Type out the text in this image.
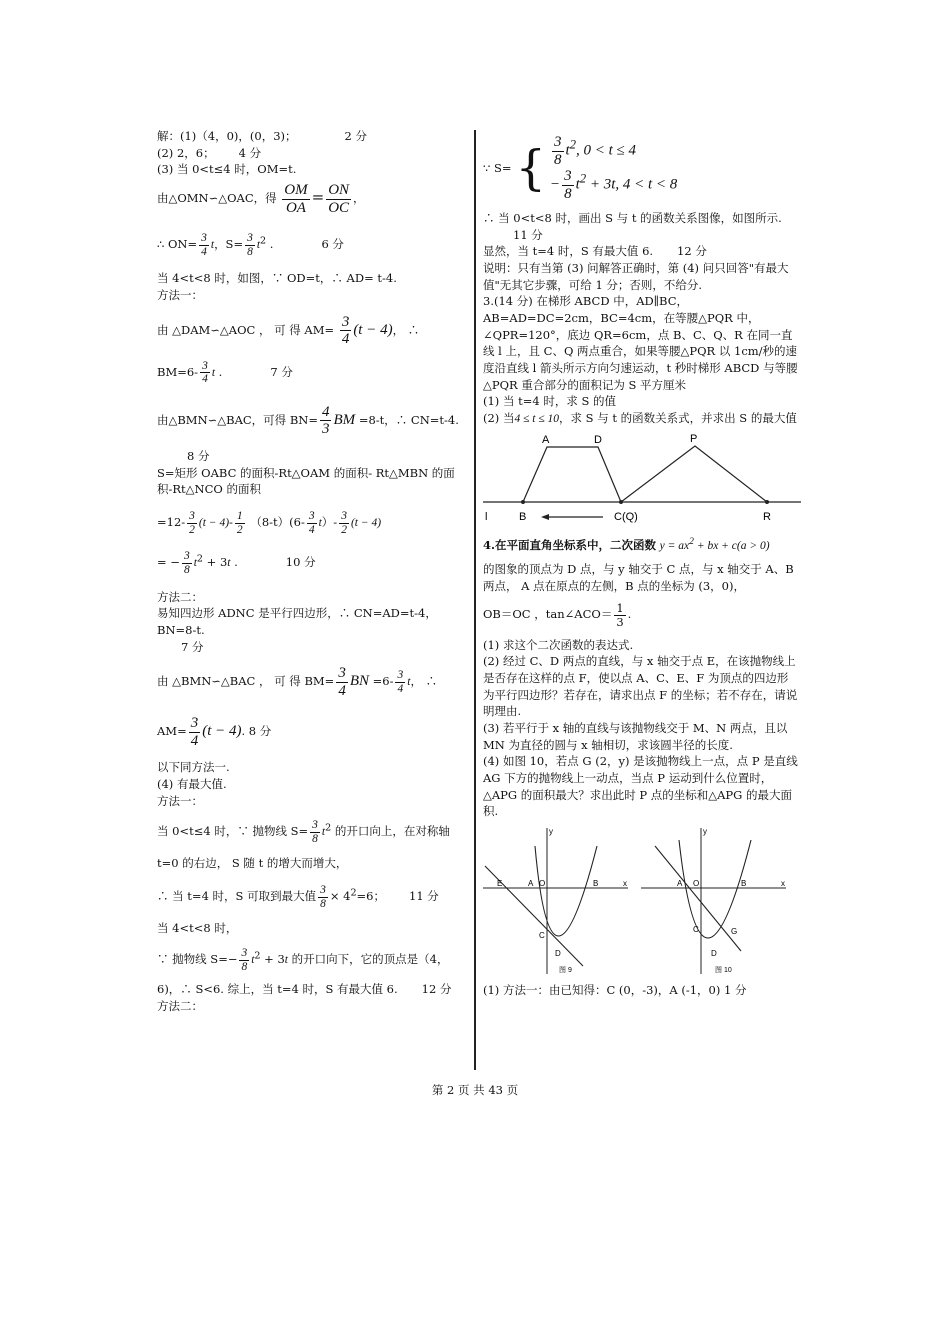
解：(1)（4，0)，(0，3)；	2 分
(2) 2，6； 4 分
(3) 当 0<t≤4 时，OM=t.
由△OMN∽△OAC，得 $\frac{OM}{OA} = \frac{ON}{OC}$ ，
∴ $ON= \frac{3}{4}$ t，$S= \frac{3}{8} t^2$ .	6 分
当 4<t<8 时，如图，∵ OD=t，∴ AD= t-4.
方法一：
由 △DAM∽△AOC ， 可 得 $AM= \frac{3}{4} (t - 4)$， ∴
$BM=6- \frac{3}{4}$ t .	7 分
由△BMN∽△BAC，可得 $BN= \frac{4}{3}$ BM =8-t，∴ CN=t-4.
8 分
S=矩形 OABC 的面积-Rt△OAM 的面积- Rt△MBN 的面积-Rt△NCO 的面积
$=12- \frac{3}{2} (t - 4)- \frac{1}{2} (8-t)(6- \frac{3}{4} t)- \frac{3}{2} (t - 4)$
= − $\frac{3}{8} t^2 + 3t$ .	10 分
方法二：
易知四边形 ADNC 是平行四边形，∴ CN=AD=t-4，BN=8-t.
7 分
由 △BMN∽△BAC ， 可 得 $BM= \frac{3}{4}$ BN $=6- \frac{3}{4}$ t， ∴
$AM= \frac{3}{4} (t - 4)$. 8 分
以下同方法一.
(4) 有最大值.
方法一：
当 0<t≤4 时，∵ 抛物线 $S= \frac{3}{8} t^2$ 的开口向上，在对称轴
t=0 的右边， S 随 t 的增大而增大，
∴ 当 t=4 时，S 可取到最大值 $\frac{3}{8} \times 4^2=6$； 11 分
当 4<t<8 时，
∵ 抛物线 $S=- \frac{3}{8} t^2 + 3t$ 的开口向下，它的顶点是（4，
6)，∴ S<6. 综上，当 t=4 时，S 有最大值 6. 12 分
方法二：
∵ S= { $\frac{3}{8} t^2$, 0 < t ≤ 4
− $\frac{3}{8} t^2 + 3t$, 4 < t < 8
∴ 当 0<t<8 时，画出 S 与 t 的函数关系图像，如图所示.
11 分
显然，当 t=4 时，S 有最大值 6. 12 分
说明：只有当第 (3) 问解答正确时，第 (4) 问只回答"有最大值"无其它步骤，可给 1 分；否则，不给分.
3.(14 分) 在梯形 ABCD 中，AD∥BC，AB=AD=DC=2cm，BC=4cm，在等腰△PQR 中，∠QPR=120°，底边 QR=6cm，点 B、C、Q、R 在同一直线 l 上，且 C、Q 两点重合，如果等腰△PQR 以 1cm/秒的速度沿直线 l 箭头所示方向匀速运动，t 秒时梯形 ABCD 与等腰△PQR 重合部分的面积记为 S 平方厘米
(1) 当 t=4 时，求 S 的值
(2) 当4 ≤ t ≤ 10，求 S 与 t 的函数关系式，并求出 S 的最大值
A	D	P
B	C(Q)	R
l
4.在平面直角坐标系中，二次函数 $y = ax^2$ + bx + c(a > 0)
的图象的顶点为 D 点，与 y 轴交于 C 点，与 x 轴交于 A、B 两点， A 点在原点的左侧，B 点的坐标为 (3，0)，
OB＝OC ，tan∠ACO＝ $\frac{1}{3}$ .
(1) 求这个二次函数的表达式.
(2) 经过 C、D 两点的直线，与 x 轴交于点 E，在该抛物线上是否存在这样的点 F，使以点 A、C、E、F 为顶点的四边形为平行四边形？若存在，请求出点 F 的坐标；若不存在，请说明理由.
(3) 若平行于 x 轴的直线与该抛物线交于 M、N 两点，且以 MN 为直径的圆与 x 轴相切，求该圆半径的长度.
(4) 如图 10，若点 G (2，y) 是该抛物线上一点，点 P 是直线 AG 下方的抛物线上一动点，当点 P 运动到什么位置时，△APG 的面积最大？求出此时 P 点的坐标和△APG 的最大面积.
y
x
E	A O	B
C
D
图 9
y
x
A O	B
C	G
D
图 10
(1) 方法一：由已知得：C (0，-3)，A (-1，0) 1 分
第 2 页 共 43 页
